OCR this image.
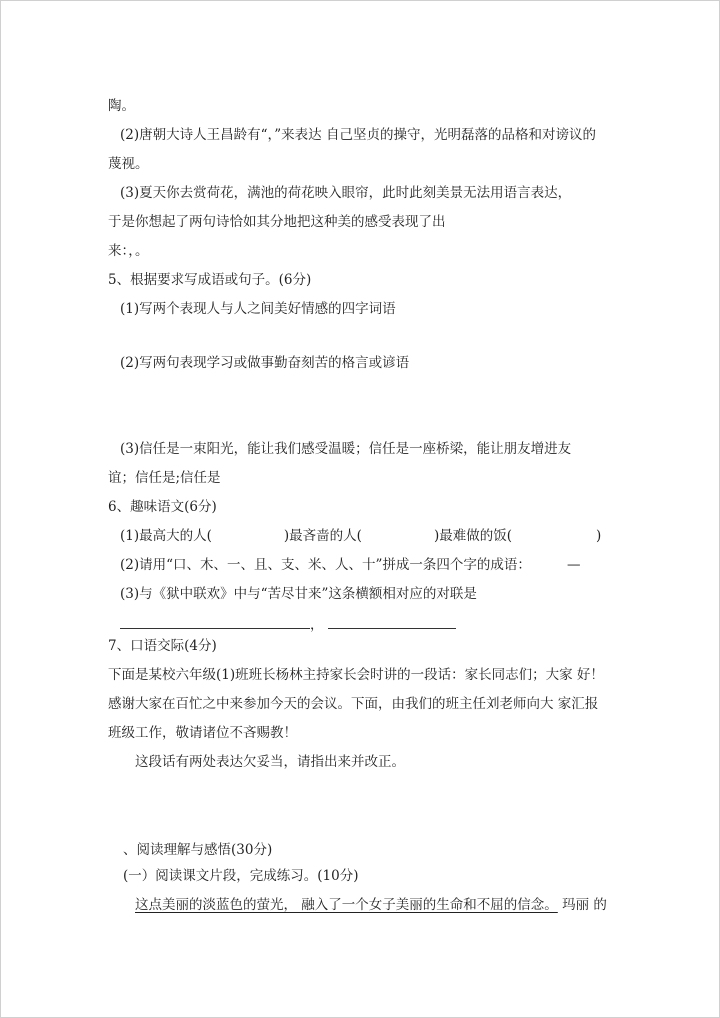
陶。
(2)唐朝大诗人王昌龄有“，”来表达 自己坚贞的操守，光明磊落的品格和对谤议的
蔑视。
(3)夏天你去赏荷花，满池的荷花映入眼帘，此时此刻美景无法用语言表达，
于是你想起了两句诗恰如其分地把这种美的感受表现了出
来：，。
5、根据要求写成语或句子。(6分)
(1)写两个表现人与人之间美好情感的四字词语
(2)写两句表现学习或做事勤奋刻苦的格言或谚语
(3)信任是一束阳光，能让我们感受温暖；信任是一座桥梁，能让朋友增进友
谊；信任是;信任是
6、趣味语文(6分)
(1)最高大的人(	)最吝啬的人(	)最难做的饭(	)
(2)请用“口、木、一、且、支、米、人、十”拼成一条四个字的成语：	—
(3)与《狱中联欢》中与“苦尽甘来”这条横额相对应的对联是
，
7、口语交际(4分)
下面是某校六年级(1)班班长杨林主持家长会时讲的一段话：家长同志们；大家 好！
感谢大家在百忙之中来参加今天的会议。下面，由我们的班主任刘老师向大 家汇报
班级工作，敬请诸位不吝赐教！
这段话有两处表达欠妥当，请指出来并改正。
、阅读理解与感悟(30分)
(一）阅读课文片段，完成练习。(10分)
这点美丽的淡蓝色的萤光， 融入了一个女子美丽的生命和不屈的信念。 玛丽 的
